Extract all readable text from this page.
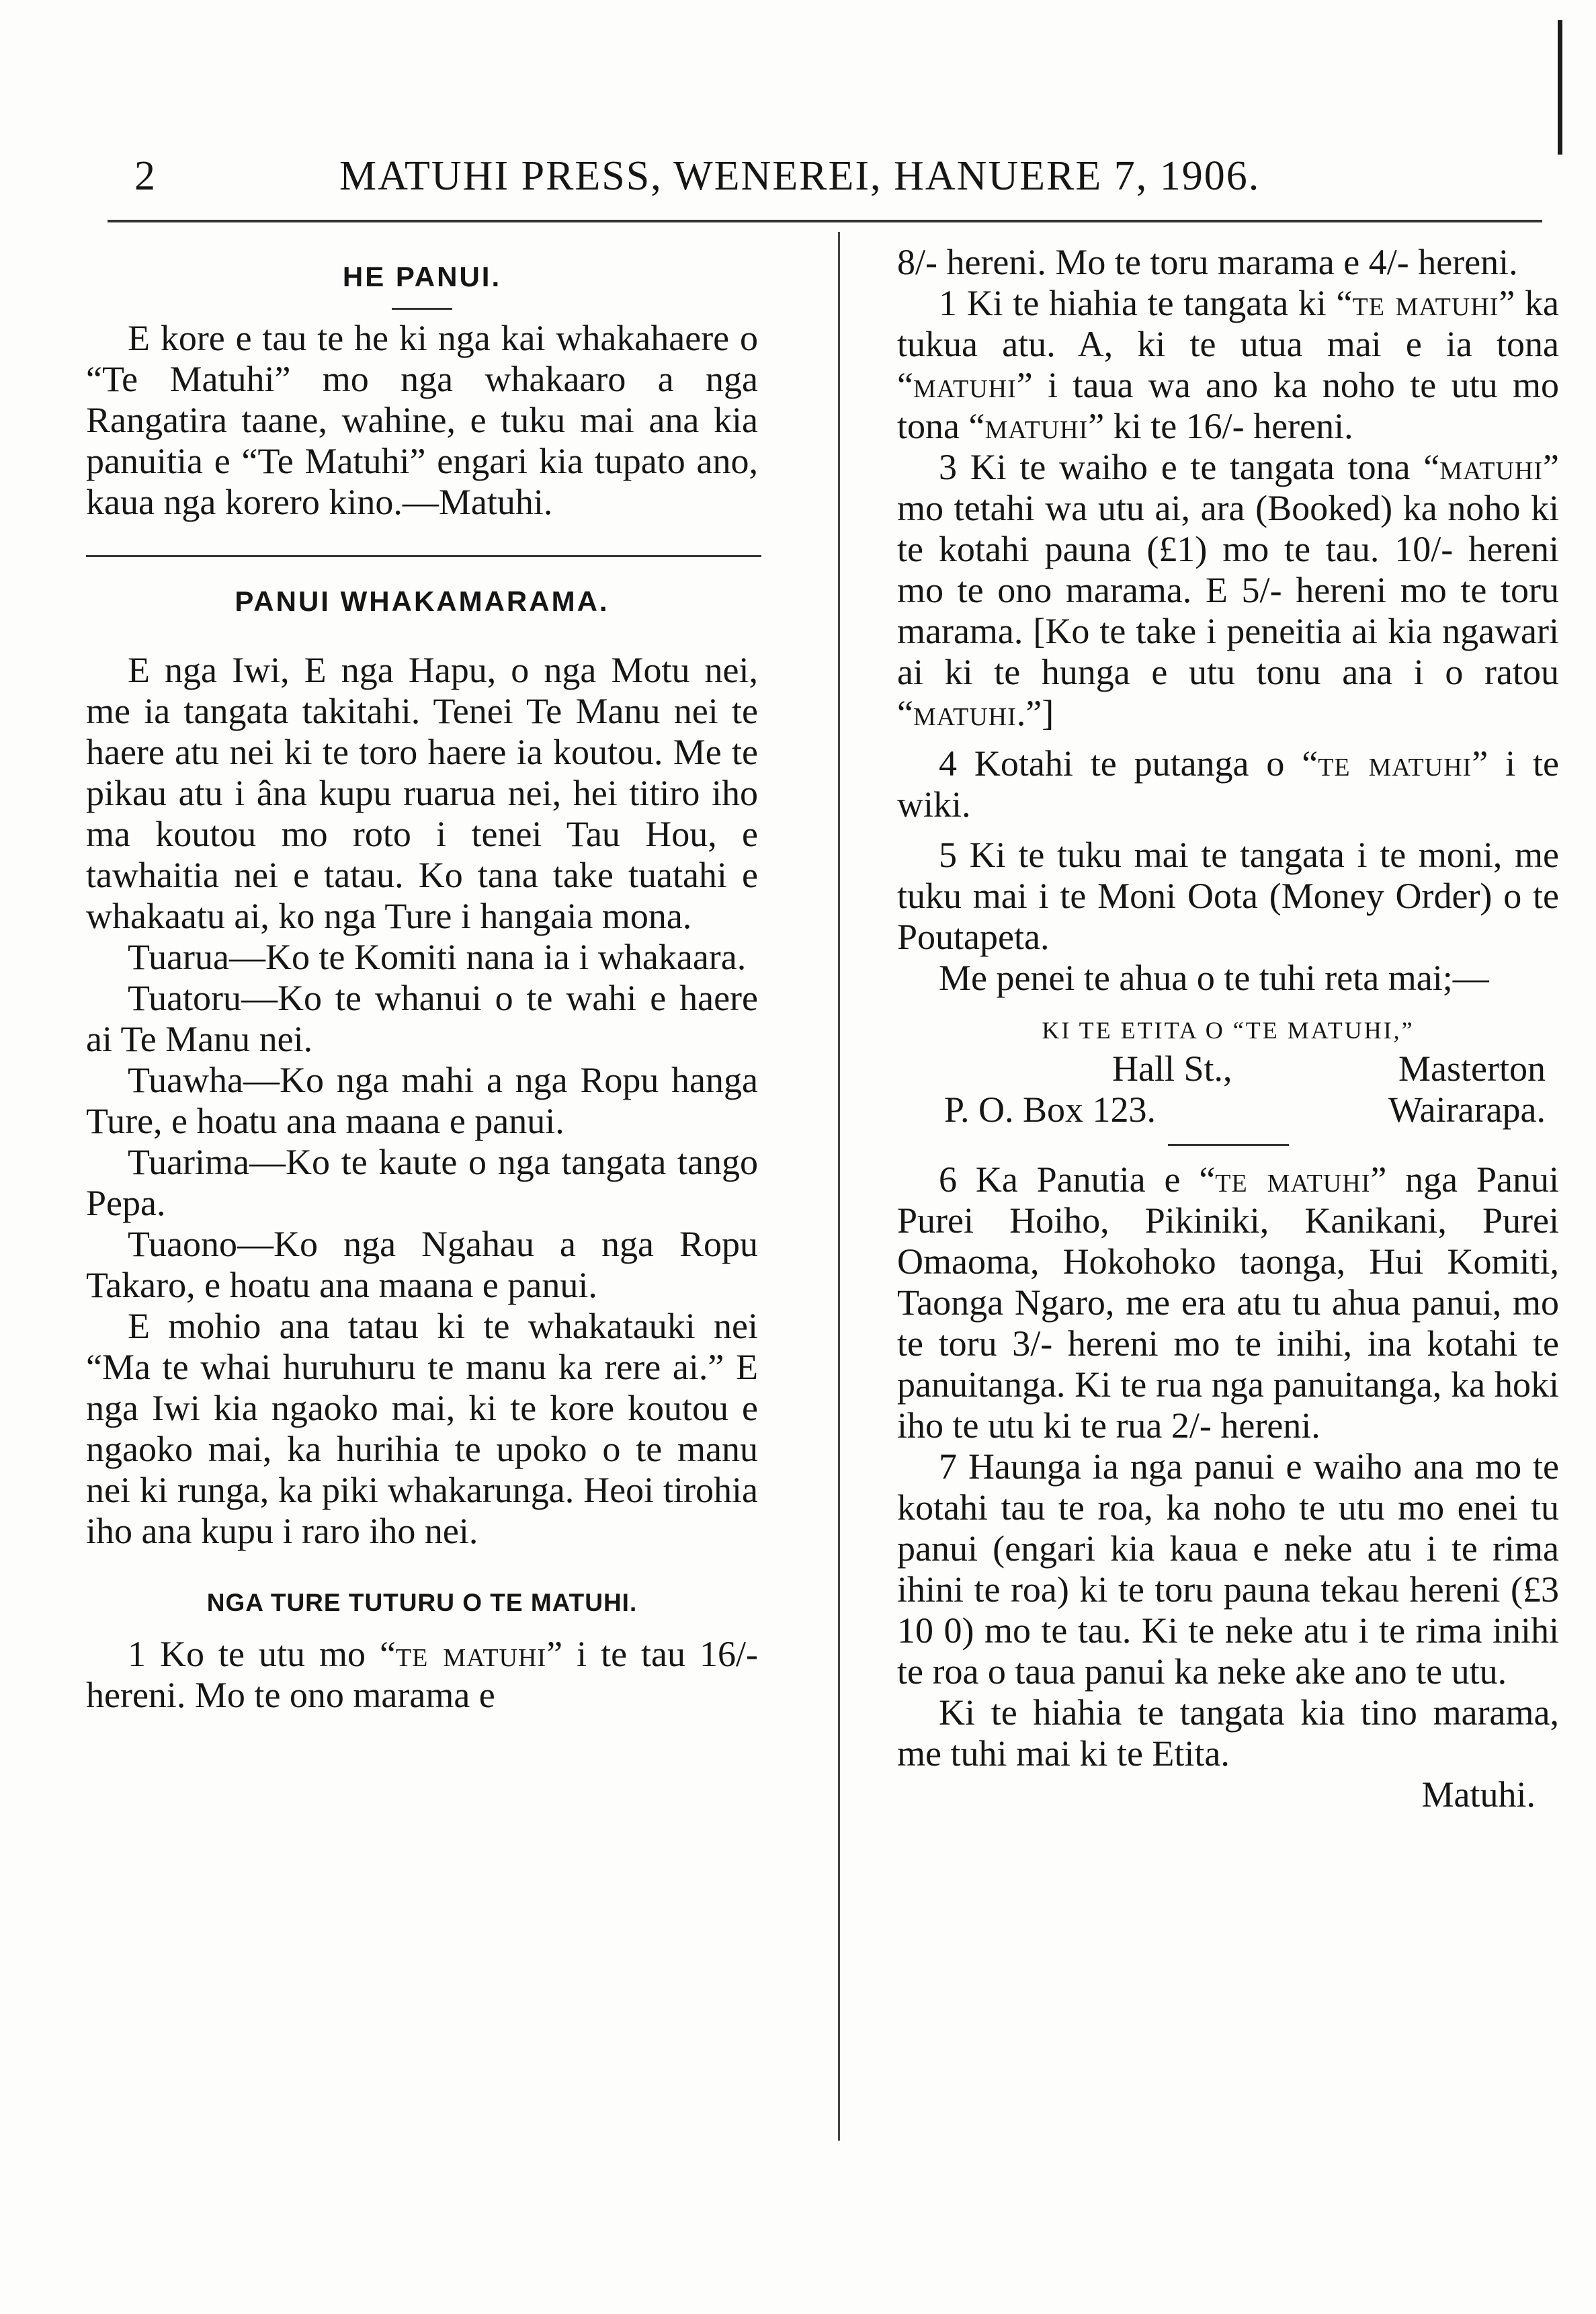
2	MATUHI PRESS, WENEREI, HANUERE 7, 1906.
HE PANUI.

E kore e tau te he ki nga kai whakahaere o “Te Matuhi” mo nga whakaaro a nga Rangatira taane, wahine, e tuku mai ana kia panuitia e “Te Matuhi” engari kia tupato ano, kaua nga korero kino.—Matuhi.

PANUI WHAKAMARAMA.

E nga Iwi, E nga Hapu, o nga Motu nei, me ia tangata takitahi. Tenei Te Manu nei te haere atu nei ki te toro haere ia koutou. Me te pikau atu i âna kupu ruarua nei, hei titiro iho ma koutou mo roto i tenei Tau Hou, e tawhaitia nei e tatau. Ko tana take tuatahi e whakaatu ai, ko nga Ture i hangaia mona.

Tuarua—Ko te Komiti nana ia i whakaara.

Tuatoru—Ko te whanui o te wahi e haere ai Te Manu nei.

Tuawha—Ko nga mahi a nga Ropu hanga Ture, e hoatu ana maana e panui.

Tuarima—Ko te kaute o nga tangata tango Pepa.

Tuaono—Ko nga Ngahau a nga Ropu Takaro, e hoatu ana maana e panui.

E mohio ana tatau ki te whakatauki nei “Ma te whai huruhuru te manu ka rere ai.” E nga Iwi kia ngaoko mai, ki te kore koutou e ngaoko mai, ka hurihia te upoko o te manu nei ki runga, ka piki whakarunga. Heoi tirohia iho ana kupu i raro iho nei.

NGA TURE TUTURU O TE MATUHI.

1 Ko te utu mo “te matuhi” i te tau 16/- hereni. Mo te ono marama e

8/- hereni. Mo te toru marama e 4/- hereni.

1 Ki te hiahia te tangata ki “te matuhi” ka tukua atu. A, ki te utua mai e ia tona “matuhi” i taua wa ano ka noho te utu mo tona “matuhi” ki te 16/- hereni.

3 Ki te waiho e te tangata tona “matuhi” mo tetahi wa utu ai, ara (Booked) ka noho ki te kotahi pauna (£1) mo te tau. 10/- hereni mo te ono marama. E 5/- hereni mo te toru marama. [Ko te take i peneitia ai kia ngawari ai ki te hunga e utu tonu ana i o ratou “matuhi.”]

4 Kotahi te putanga o “te matuhi” i te wiki.

5 Ki te tuku mai te tangata i te moni, me tuku mai i te Moni Oota (Money Order) o te Poutapeta.

Me penei te ahua o te tuhi reta mai;—

KI TE ETITA O “TE MATUHI,”
Hall St.,	Masterton
P. O. Box 123.	Wairarapa.

6 Ka Panutia e “te matuhi” nga Panui Purei Hoiho, Pikiniki, Kanikani, Purei Omaoma, Hokohoko taonga, Hui Komiti, Taonga Ngaro, me era atu tu ahua panui, mo te toru 3/- hereni mo te inihi, ina kotahi te panuitanga. Ki te rua nga panuitanga, ka hoki iho te utu ki te rua 2/- hereni.

7 Haunga ia nga panui e waiho ana mo te kotahi tau te roa, ka noho te utu mo enei tu panui (engari kia kaua e neke atu i te rima ihini te roa) ki te toru pauna tekau hereni (£3 10 0) mo te tau. Ki te neke atu i te rima inihi te roa o taua panui ka neke ake ano te utu.

Ki te hiahia te tangata kia tino marama, me tuhi mai ki te Etita.

Matuhi.
